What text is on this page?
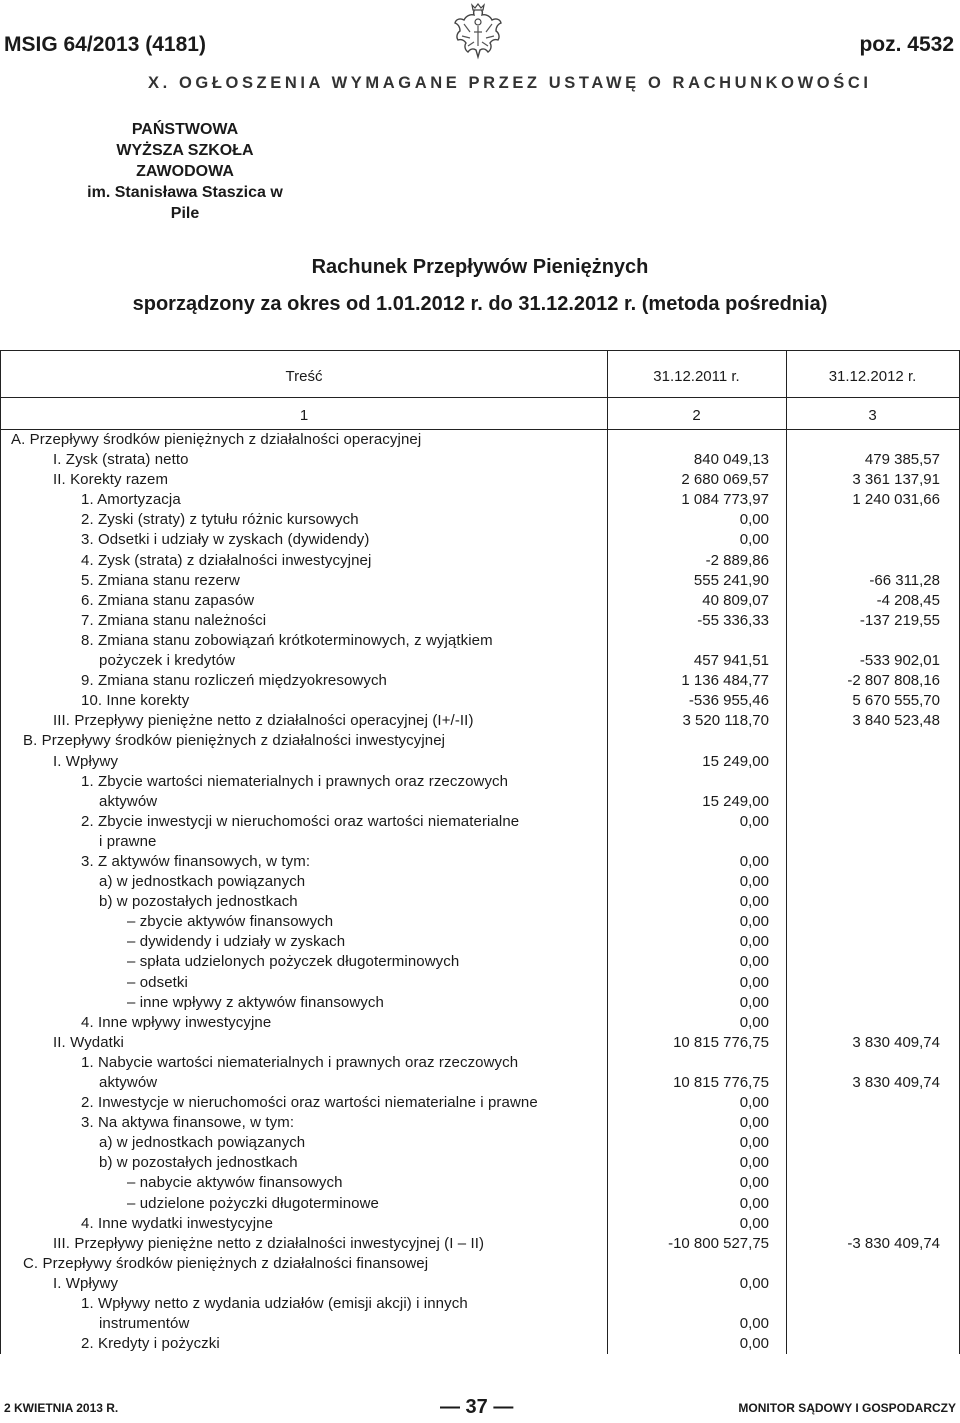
MSIG 64/2013 (4181)	poz. 4532
X. OGŁOSZENIA WYMAGANE PRZEZ USTAWĘ O RACHUNKOWOŚCI
PAŃSTWOWA
WYŻSZA SZKOŁA ZAWODOWA
im. Stanisława Staszica w Pile
Rachunek Przepływów Pieniężnych
sporządzony za okres od 1.01.2012 r. do 31.12.2012 r. (metoda pośrednia)
Treść	31.12.2011 r.	31.12.2012 r.
1	2	3
A. Przepływy środków pieniężnych z działalności operacyjnej
I. Zysk (strata) netto	840 049,13	479 385,57
II. Korekty razem	2 680 069,57	3 361 137,91
1. Amortyzacja	1 084 773,97	1 240 031,66
2. Zyski (straty) z tytułu różnic kursowych	0,00
3. Odsetki i udziały w zyskach (dywidendy)	0,00
4. Zysk (strata) z działalności inwestycyjnej	-2 889,86
5. Zmiana stanu rezerw	555 241,90	-66 311,28
6. Zmiana stanu zapasów	40 809,07	-4 208,45
7. Zmiana stanu należności	-55 336,33	-137 219,55
8. Zmiana stanu zobowiązań krótkoterminowych, z wyjątkiem
pożyczek i kredytów	457 941,51	-533 902,01
9. Zmiana stanu rozliczeń międzyokresowych	1 136 484,77	-2 807 808,16
10. Inne korekty	-536 955,46	5 670 555,70
III. Przepływy pieniężne netto z działalności operacyjnej (I+/-II)	3 520 118,70	3 840 523,48
B. Przepływy środków pieniężnych z działalności inwestycyjnej
I. Wpływy	15 249,00
1. Zbycie wartości niematerialnych i prawnych oraz rzeczowych
aktywów	15 249,00
2. Zbycie inwestycji w nieruchomości oraz wartości niematerialne	0,00
i prawne
3. Z aktywów finansowych, w tym:	0,00
a) w jednostkach powiązanych	0,00
b) w pozostałych jednostkach	0,00
– zbycie aktywów finansowych	0,00
– dywidendy i udziały w zyskach	0,00
– spłata udzielonych pożyczek długoterminowych	0,00
– odsetki	0,00
– inne wpływy z aktywów finansowych	0,00
4. Inne wpływy inwestycyjne	0,00
II. Wydatki	10 815 776,75	3 830 409,74
1. Nabycie wartości niematerialnych i prawnych oraz rzeczowych
aktywów	10 815 776,75	3 830 409,74
2. Inwestycje w nieruchomości oraz wartości niematerialne i prawne	0,00
3. Na aktywa finansowe, w tym:	0,00
a) w jednostkach powiązanych	0,00
b) w pozostałych jednostkach	0,00
– nabycie aktywów finansowych	0,00
– udzielone pożyczki długoterminowe	0,00
4. Inne wydatki inwestycyjne	0,00
III. Przepływy pieniężne netto z działalności inwestycyjnej (I – II)	-10 800 527,75	-3 830 409,74
C. Przepływy środków pieniężnych z działalności finansowej
I. Wpływy	0,00
1. Wpływy netto z wydania udziałów (emisji akcji) i innych
instrumentów	0,00
2. Kredyty i pożyczki	0,00
2 KWIETNIA 2013 R.	— 37 —	MONITOR SĄDOWY I GOSPODARCZY
